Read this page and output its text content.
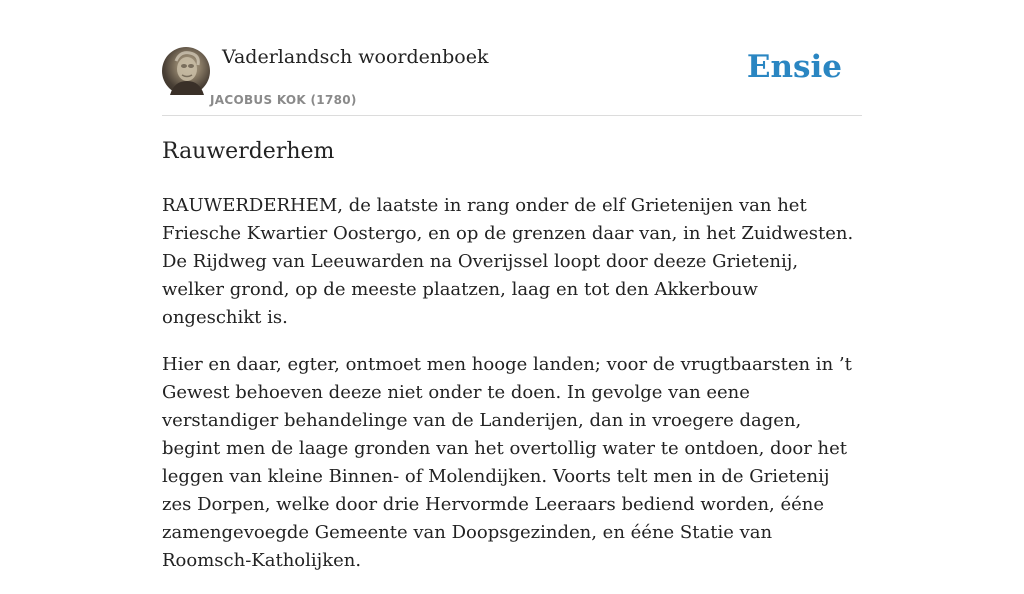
Vaderlandsch woordenboek
JACOBUS KOK (1780)
Ensie
Rauwerderhem

RAUWERDERHEM, de laatste in rang onder de elf Grietenijen van het Friesche Kwartier Oostergo, en op de grenzen daar van, in het Zuidwesten. De Rijdweg van Leeuwarden na Overijssel loopt door deeze Grietenij, welker grond, op de meeste plaatzen, laag en tot den Akkerbouw ongeschikt is.

Hier en daar, egter, ontmoet men hooge landen; voor de vrugtbaarsten in ’t Gewest behoeven deeze niet onder te doen. In gevolge van eene verstandiger behandelinge van de Landerijen, dan in vroegere dagen, begint men de laage gronden van het overtollig water te ontdoen, door het leggen van kleine Binnen- of Molendijken. Voorts telt men in de Grietenij zes Dorpen, welke door drie Hervormde Leeraars bediend worden, ééne zamengevoegde Gemeente van Doopsgezinden, en ééne Statie van Roomsch-Katholijken.
